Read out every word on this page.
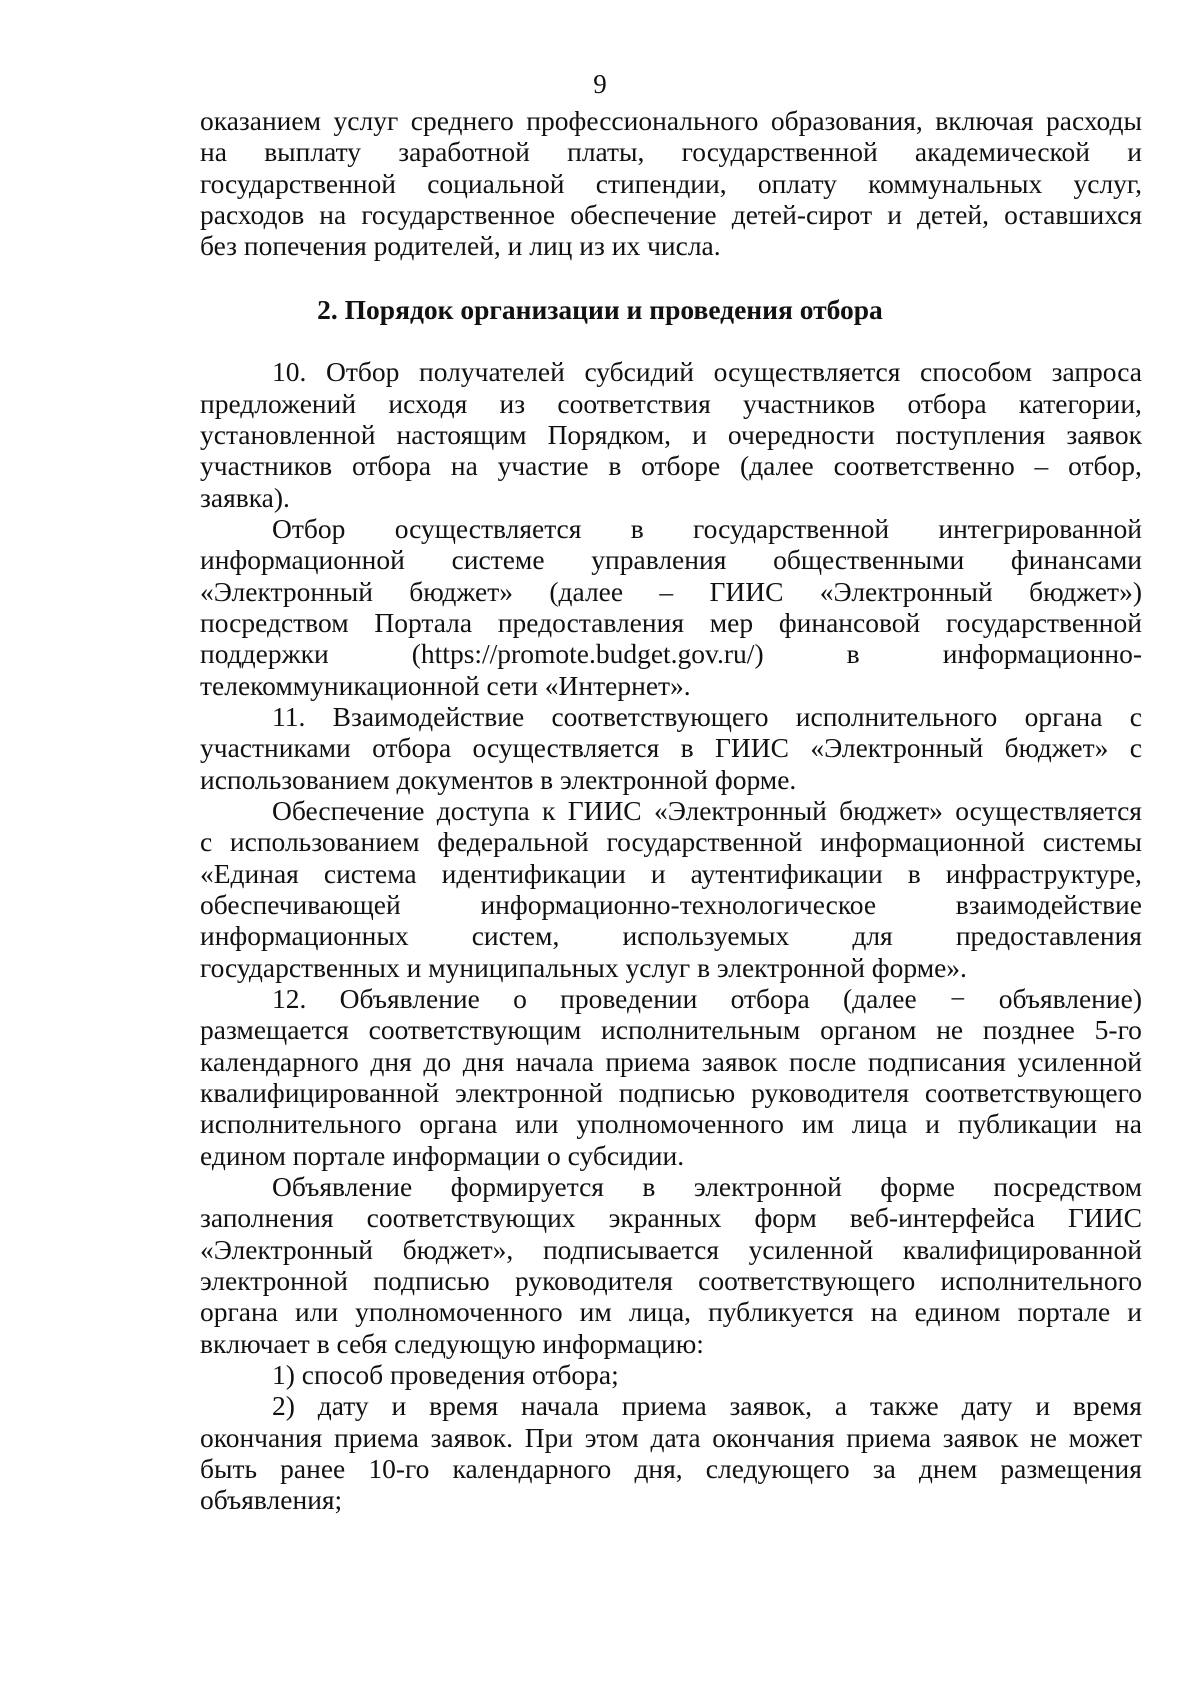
9
оказанием услуг среднего профессионального образования, включая расходы
на выплату заработной платы, государственной академической и
государственной социальной стипендии, оплату коммунальных услуг,
расходов на государственное обеспечение детей-сирот и детей, оставшихся
без попечения родителей, и лиц из их числа.
2. Порядок организации и проведения отбора
10. Отбор получателей субсидий осуществляется способом запроса
предложений исходя из соответствия участников отбора категории,
установленной настоящим Порядком, и очередности поступления заявок
участников отбора на участие в отборе (далее соответственно – отбор,
заявка).
Отбор осуществляется в государственной интегрированной
информационной системе управления общественными финансами
«Электронный бюджет» (далее – ГИИС «Электронный бюджет»)
посредством Портала предоставления мер финансовой государственной
поддержки	(https://promote.budget.gov.ru/)	в	информационно-
телекоммуникационной сети «Интернет».
11. Взаимодействие соответствующего исполнительного органа с
участниками отбора осуществляется в ГИИС «Электронный бюджет» с
использованием документов в электронной форме.
Обеспечение доступа к ГИИС «Электронный бюджет» осуществляется
с использованием федеральной государственной информационной системы
«Единая система идентификации и аутентификации в инфраструктуре,
обеспечивающей	информационно-технологическое	взаимодействие
информационных систем, используемых для предоставления
государственных и муниципальных услуг в электронной форме».
12. Объявление о проведении отбора (далее − объявление)
размещается соответствующим исполнительным органом не позднее 5-го
календарного дня до дня начала приема заявок после подписания усиленной
квалифицированной электронной подписью руководителя соответствующего
исполнительного органа или уполномоченного им лица и публикации на
едином портале информации о субсидии.
Объявление формируется в электронной форме посредством
заполнения соответствующих экранных форм веб-интерфейса ГИИС
«Электронный бюджет», подписывается усиленной квалифицированной
электронной подписью руководителя соответствующего исполнительного
органа или уполномоченного им лица, публикуется на едином портале и
включает в себя следующую информацию:
1) способ проведения отбора;
2) дату и время начала приема заявок, а также дату и время
окончания приема заявок. При этом дата окончания приема заявок не может
быть ранее 10-го календарного дня, следующего за днем размещения
объявления;
